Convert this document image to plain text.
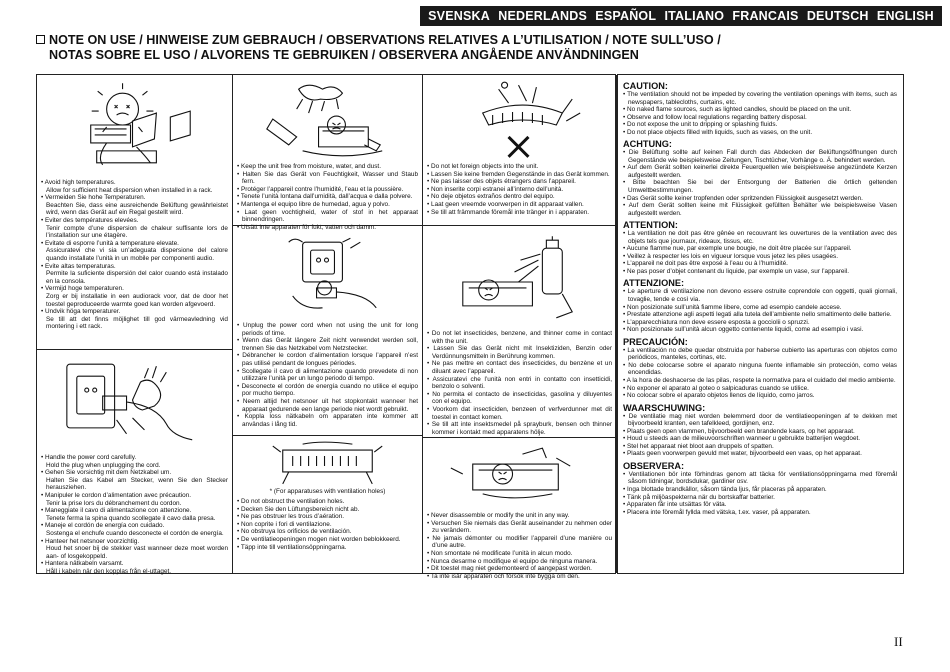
SVENSKA NEDERLANDS ESPAÑOL ITALIANO FRANCAIS DEUTSCH ENGLISH
NOTE ON USE / HINWEISE ZUM GEBRAUCH / OBSERVATIONS RELATIVES A L’UTILISATION / NOTE SULL’USO /
NOTAS SOBRE EL USO / ALVORENS TE GEBRUIKEN / OBSERVERA ANGÅENDE ANVÄNDNINGEN
• Avoid high temperatures.
Allow for sufficient heat dispersion when installed in a rack.
• Vermeiden Sie hohe Temperaturen.
Beachten Sie, dass eine ausreichende Belüftung gewährleistet wird, wenn das Gerät auf ein Regal gestellt wird.
• Eviter des températures elevées.
Tenir compte d’une dispersion de chaleur suffisante lors de l’installation sur une étagère.
• Evitate di esporre l’unità a temperature elevate.
Assicuratevi che vi sia un’adeguata dispersione del calore quando installate l’unità in un mobile per componenti audio.
• Evite altas temperaturas.
Permite la suficiente dispersión del calor cuando está instalado en la consola.
• Vermijd hoge temperaturen.
Zorg er bij installatie in een audiorack voor, dat de door het toestel geproduceerde warmte goed kan worden afgevoerd.
• Undvik höga temperaturer.
Se till att det finns möjlighet till god värmeavledning vid montering i ett rack.
• Handle the power cord carefully.
Hold the plug when unplugging the cord.
• Gehen Sie vorsichtig mit dem Netzkabel um.
Halten Sie das Kabel am Stecker, wenn Sie den Stecker herausziehen.
• Manipuler le cordon d’alimentation avec précaution.
Tenir la prise lors du débranchement du cordon.
• Maneggiate il cavo di alimentazione con attenzione.
Tenete ferma la spina quando scollegate il cavo dalla presa.
• Maneje el cordón de energía con cuidado.
Sostenga el enchufe cuando desconecte el cordón de energía.
• Hanteer het netsnoer voorzichtig.
Houd het snoer bij de stekker vast wanneer deze moet worden aan- of losgekoppeld.
• Hantera nätkabeln varsamt.
Håll i kabeln när den kopplas från el-uttaget.
• Keep the unit free from moisture, water, and dust.
• Halten Sie das Gerät von Feuchtigkeit, Wasser und Staub fern.
• Protéger l’appareil contre l’humidité, l’eau et la poussière.
• Tenete l’unità lontana dall’umidità, dall’acqua e dalla polvere.
• Mantenga el equipo libre de humedad, agua y polvo.
• Laat geen vochtigheid, water of stof in het apparaat binnendringen.
• Utsätt inte apparaten för fukt, vatten och damm.
• Unplug the power cord when not using the unit for long periods of time.
• Wenn das Gerät längere Zeit nicht verwendet werden soll, trennen Sie das Netzkabel vom Netzstecker.
• Débrancher le cordon d’alimentation lorsque l’appareil n’est pas utilisé pendant de longues périodes.
• Scollegate il cavo di alimentazione quando prevedete di non utilizzare l’unità per un lungo periodo di tempo.
• Desconecte el cordón de energía cuando no utilice el equipo por mucho tiempo.
• Neem altijd het netsnoer uit het stopkontakt wanneer het apparaat gedurende een lange periode niet wordt gebruikt.
• Koppla loss nätkabeln om apparaten inte kommer att användas i lång tid.
* (For apparatuses with ventilation holes)
• Do not obstruct the ventilation holes.
• Decken Sie den Lüftungsbereich nicht ab.
• Ne pas obstruer les trous d’aération.
• Non coprite i fori di ventilazione.
• No obstruya los orificios de ventilación.
• De ventilatieopeningen mogen niet worden beblokkeerd.
• Täpp inte till ventilationsöppningarna.
• Do not let foreign objects into the unit.
• Lassen Sie keine fremden Gegenstände in das Gerät kommen.
• Ne pas laisser des objets étrangers dans l’appareil.
• Non inserite corpi estranei all’interno dell’unità.
• No deje objetos extraños dentro del equipo.
• Laat geen vreemde voorwerpen in dit apparaat vallen.
• Se till att främmande föremål inte tränger in i apparaten.
• Do not let insecticides, benzene, and thinner come in contact with the unit.
• Lassen Sie das Gerät nicht mit Insektiziden, Benzin oder Verdünnungsmitteln in Berührung kommen.
• Ne pas mettre en contact des insecticides, du benzène et un diluant avec l’appareil.
• Assicuratevi che l’unità non entri in contatto con insetticidi, benzolo o solventi.
• No permita el contacto de insecticidas, gasolina y diluyentes con el equipo.
• Voorkom dat insecticiden, benzeen of verfverdunner met dit toestel in contact komen.
• Se till att inte insektsmedel på sprayburk, bensen och thinner kommer i kontakt med apparatens hölje.
• Never disassemble or modify the unit in any way.
• Versuchen Sie niemals das Gerät auseinander zu nehmen oder zu verändern.
• Ne jamais démonter ou modifier l’appareil d’une manière ou d’une autre.
• Non smontate né modificate l’unità in alcun modo.
• Nunca desarme o modifique el equipo de ninguna manera.
• Dit toestel mag niet gedemonteerd of aangepast worden.
• Ta inte isär apparaten och försök inte bygga om den.
CAUTION:
• The ventilation should not be impeded by covering the ventilation openings with items, such as newspapers, tablecloths, curtains, etc.
• No naked flame sources, such as lighted candles, should be placed on the unit.
• Observe and follow local regulations regarding battery disposal.
• Do not expose the unit to dripping or splashing fluids.
• Do not place objects filled with liquids, such as vases, on the unit.
ACHTUNG:
• Die Belüftung sollte auf keinen Fall durch das Abdecken der Belüftungsöffnungen durch Gegenstände wie beispielsweise Zeitungen, Tischtücher, Vorhänge o. Ä. behindert werden.
• Auf dem Gerät sollten keinerlei direkte Feuerquellen wie beispielsweise angezündete Kerzen aufgestellt werden.
• Bitte beachten Sie bei der Entsorgung der Batterien die örtlich geltenden Umweltbestimmungen.
• Das Gerät sollte keiner tropfenden oder spritzenden Flüssigkeit ausgesetzt werden.
• Auf dem Gerät sollten keine mit Flüssigkeit gefüllten Behälter wie beispielsweise Vasen aufgestellt werden.
ATTENTION:
• La ventilation ne doit pas être gênée en recouvrant les ouvertures de la ventilation avec des objets tels que journaux, rideaux, tissus, etc.
• Aucune flamme nue, par exemple une bougie, ne doit être placée sur l’appareil.
• Veillez à respecter les lois en vigueur lorsque vous jetez les piles usagées.
• L’appareil ne doit pas être exposé à l’eau ou à l’humidité.
• Ne pas poser d’objet contenant du liquide, par exemple un vase, sur l’appareil.
ATTENZIONE:
• Le aperture di ventilazione non devono essere ostruite coprendole con oggetti, quali giornali, tovaglie, tende e così via.
• Non posizionate sull’unità fiamme libere, come ad esempio candele accese.
• Prestate attenzione agli aspetti legati alla tutela dell’ambiente nello smaltimento delle batterie.
• L’apparecchiatura non deve essere esposta a gocciolii o spruzzi.
• Non posizionate sull’unità alcun oggetto contenente liquidi, come ad esempio i vasi.
PRECAUCIÓN:
• La ventilación no debe quedar obstruida por haberse cubierto las aperturas con objetos como periódicos, manteles, cortinas, etc.
• No debe colocarse sobre el aparato ninguna fuente inflamable sin protección, como velas encendidas.
• A la hora de deshacerse de las pilas, respete la normativa para el cuidado del medio ambiente.
• No exponer el aparato al goteo o salpicaduras cuando se utilice.
• No colocar sobre el aparato objetos llenos de líquido, como jarros.
WAARSCHUWING:
• De ventilatie mag niet worden belemmerd door de ventilatieopeningen af te dekken met bijvoorbeeld kranten, een tafelkleed, gordijnen, enz.
• Plaats geen open vlammen, bijvoorbeeld een brandende kaars, op het apparaat.
• Houd u steeds aan de milieuvoorschriften wanneer u gebruikte batterijen wegdoet.
• Stel het apparaat niet bloot aan druppels of spatten.
• Plaats geen voorwerpen gevuld met water, bijvoorbeeld een vaas, op het apparaat.
OBSERVERA:
• Ventilationen bör inte förhindras genom att täcka för ventilationsöppningarna med föremål såsom tidningar, bordsdukar, gardiner osv.
• Inga blottade brandkällor, såsom tända ljus, får placeras på apparaten.
• Tänk på miljöaspekterna när du bortskaffar batterier.
• Apparaten får inte utsättas för väta.
• Placera inte föremål fyllda med vätska, t.ex. vaser, på apparaten.
II
